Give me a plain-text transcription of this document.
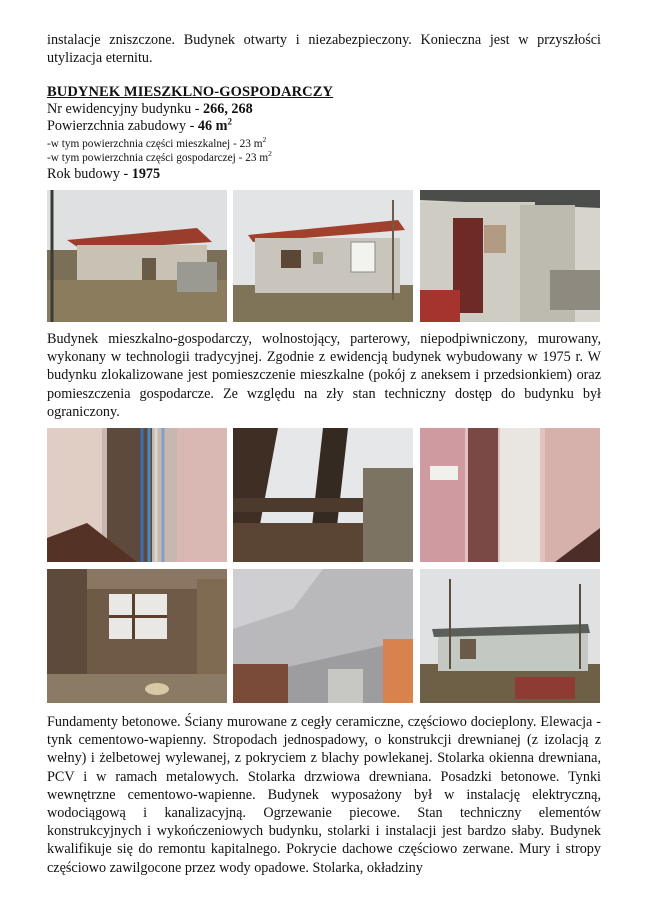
instalacje zniszczone. Budynek otwarty i niezabezpieczony. Konieczna jest w przyszłości utylizacja eternitu.

BUDYNEK MIESZKLNO-GOSPODARCZY

Nr ewidencyjny budynku - 266, 268

Powierzchnia zabudowy - 46 $m^2$

-w tym powierzchnia części mieszkalnej - 23 $m^2$

-w tym powierzchnia części gospodarczej - 23 $m^2$

Rok budowy - 1975

Budynek mieszkalno-gospodarczy, wolnostojący, parterowy, niepodpiwniczony, murowany, wykonany w technologii tradycyjnej. Zgodnie z ewidencją budynek wybudowany w 1975 r. W budynku zlokalizowane jest pomieszczenie mieszkalne (pokój z aneksem i przedsionkiem) oraz pomieszczenia gospodarcze. Ze względu na zły stan techniczny dostęp do budynku był ograniczony.

Fundamenty betonowe. Ściany murowane z cegły ceramiczne, częściowo docieplony. Elewacja - tynk cementowo-wapienny. Stropodach jednospadowy, o konstrukcji drewnianej (z izolacją z wełny) i żelbetowej wylewanej, z pokryciem z blachy powlekanej. Stolarka okienna drewniana, PCV i w ramach metalowych. Stolarka drzwiowa drewniana. Posadzki betonowe. Tynki wewnętrzne cementowo-wapienne. Budynek wyposażony był w instalację elektryczną, wodociągową i kanalizacyjną. Ogrzewanie piecowe. Stan techniczny elementów konstrukcyjnych i wykończeniowych budynku, stolarki i instalacji jest bardzo słaby. Budynek kwalifikuje się do remontu kapitalnego. Pokrycie dachowe częściowo zerwane. Mury i stropy częściowo zawilgocone przez wody opadowe. Stolarka, okładziny
